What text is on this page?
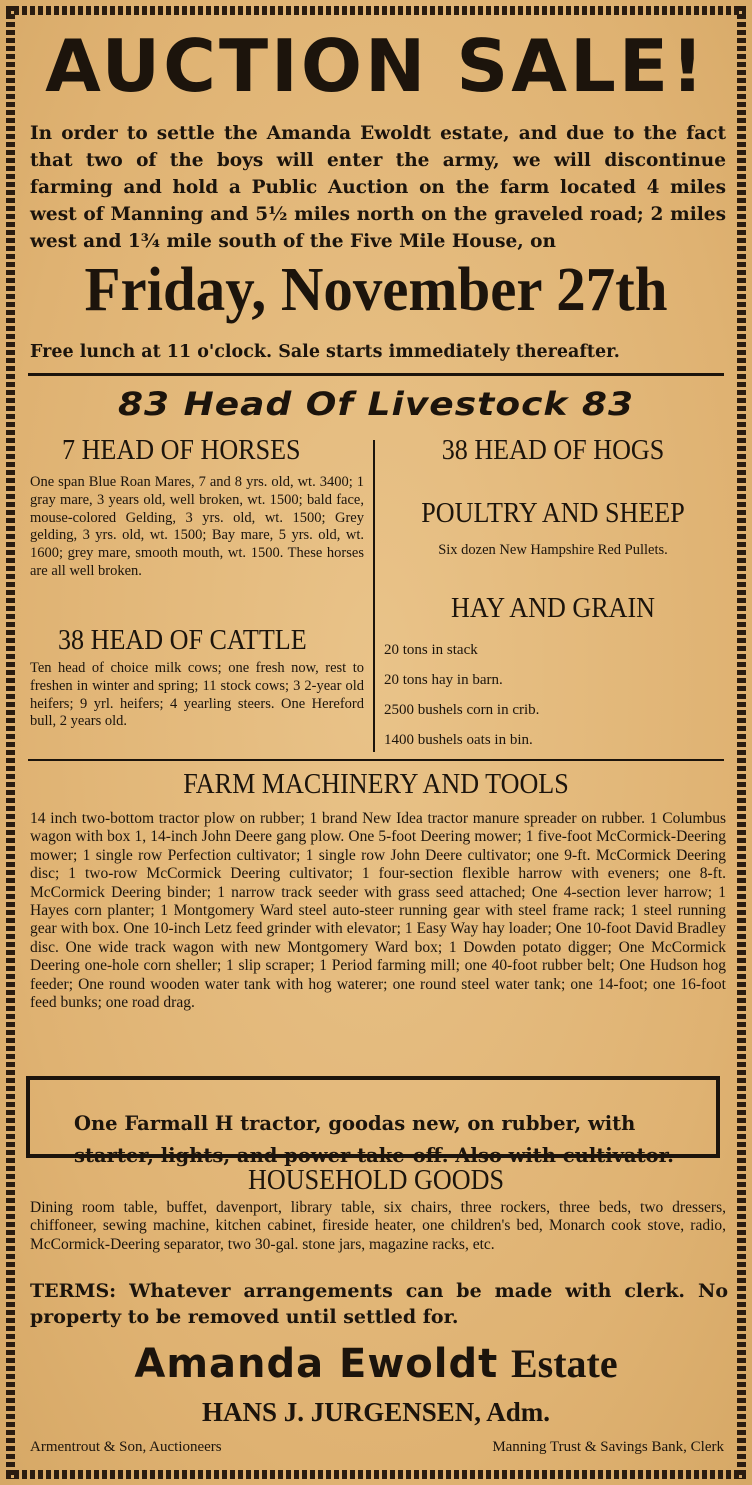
AUCTION SALE!

In order to settle the Amanda Ewoldt estate, and due to the fact that two of the boys will enter the army, we will discontinue farming and hold a Public Auction on the farm located 4 miles west of Manning and 5½ miles north on the graveled road; 2 miles west and 1¾ mile south of the Five Mile House, on

Friday, November 27th

Free lunch at 11 o'clock. Sale starts immediately thereafter.

83 Head Of Livestock 83
7 HEAD OF HORSES

One span Blue Roan Mares, 7 and 8 yrs. old, wt. 3400; 1 gray mare, 3 years old, well broken, wt. 1500; bald face, mouse-colored Gelding, 3 yrs. old, wt. 1500; Grey gelding, 3 yrs. old, wt. 1500; Bay mare, 5 yrs. old, wt. 1600; grey mare, smooth mouth, wt. 1500. These horses are all well broken.

38 HEAD OF CATTLE

Ten head of choice milk cows; one fresh now, rest to freshen in winter and spring; 11 stock cows; 3 2-year old heifers; 9 yrl. heifers; 4 yearling steers. One Hereford bull, 2 years old.

38 HEAD OF HOGS
POULTRY AND SHEEP

Six dozen New Hampshire Red Pullets.

HAY AND GRAIN
20 tons in stack
20 tons hay in barn.
2500 bushels corn in crib.
1400 bushels oats in bin.
FARM MACHINERY AND TOOLS

14 inch two-bottom tractor plow on rubber; 1 brand New Idea tractor manure spreader on rubber. 1 Columbus wagon with box 1, 14-inch John Deere gang plow. One 5-foot Deering mower; 1 five-foot McCormick-Deering mower; 1 single row Perfection cultivator; 1 single row John Deere cultivator; one 9-ft. McCormick Deering disc; 1 two-row McCormick Deering cultivator; 1 four-section flexible harrow with eveners; one 8-ft. McCormick Deering binder; 1 narrow track seeder with grass seed attached; One 4-section lever harrow; 1 Hayes corn planter; 1 Montgomery Ward steel auto-steer running gear with steel frame rack; 1 steel running gear with box. One 10-inch Letz feed grinder with elevator; 1 Easy Way hay loader; One 10-foot David Bradley disc. One wide track wagon with new Montgomery Ward box; 1 Dowden potato digger; One McCormick Deering one-hole corn sheller; 1 slip scraper; 1 Period farming mill; one 40-foot rubber belt; One Hudson hog feeder; One round wooden water tank with hog waterer; one round steel water tank; one 14-foot; one 16-foot feed bunks; one road drag.

One Farmall H tractor, goodas new, on rubber, with starter, lights, and power take-off. Also with cultivator.

HOUSEHOLD GOODS

Dining room table, buffet, davenport, library table, six chairs, three rockers, three beds, two dressers, chiffoneer, sewing machine, kitchen cabinet, fireside heater, one children's bed, Monarch cook stove, radio, McCormick-Deering separator, two 30-gal. stone jars, magazine racks, etc.

TERMS: Whatever arrangements can be made with clerk. No property to be removed until settled for.

Amanda Ewoldt Estate
HANS J. JURGENSEN, Adm.
Armentrout & Son, Auctioneers	Manning Trust & Savings Bank, Clerk
